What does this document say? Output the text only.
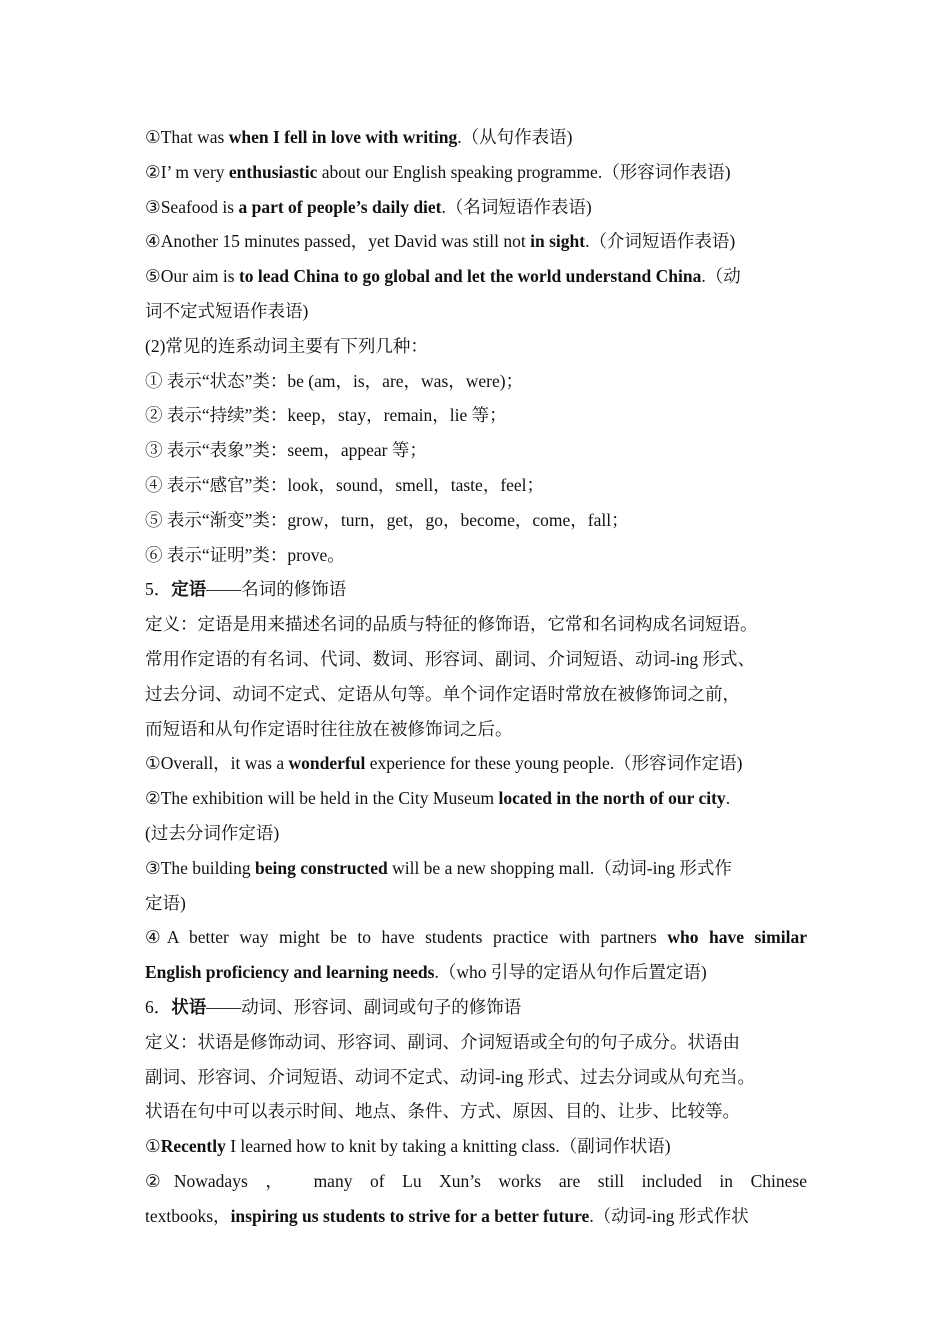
①That was when I fell in love with writing.（从句作表语)
②I’ m very enthusiastic about our English speaking programme.（形容词作表语)
③Seafood is a part of people’s daily diet.（名词短语作表语)
④Another 15 minutes passed，yet David was still not in sight.（介词短语作表语)
⑤Our aim is to lead China to go global and let the world understand China.（动
词不定式短语作表语)
(2)常见的连系动词主要有下列几种：
① 表示“状态”类：be (am，is，are，was，were)；
② 表示“持续”类：keep，stay，remain，lie 等；
③ 表示“表象”类：seem，appear 等；
④ 表示“感官”类：look，sound，smell，taste，feel；
⑤ 表示“渐变”类：grow，turn，get，go，become，come，fall；
⑥ 表示“证明”类：prove。
5．定语——名词的修饰语
定义：定语是用来描述名词的品质与特征的修饰语，它常和名词构成名词短语。
常用作定语的有名词、代词、数词、形容词、副词、介词短语、动词-ing 形式、
过去分词、动词不定式、定语从句等。单个词作定语时常放在被修饰词之前，
而短语和从句作定语时往往放在被修饰词之后。
①Overall，it was a wonderful experience for these young people.（形容词作定语)
②The exhibition will be held in the City Museum located in the north of our city.
(过去分词作定语)
③The building being constructed will be a new shopping mall.（动词-ing 形式作
定语)
④A better way might be to have students practice with partners who have similar
English proficiency and learning needs.（who 引导的定语从句作后置定语)
6．状语——动词、形容词、副词或句子的修饰语
定义：状语是修饰动词、形容词、副词、介词短语或全句的句子成分。状语由
副词、形容词、介词短语、动词不定式、动词-ing 形式、过去分词或从句充当。
状语在句中可以表示时间、地点、条件、方式、原因、目的、让步、比较等。
①Recently I learned how to knit by taking a knitting class.（副词作状语)
②Nowadays ， many of Lu Xun’s works are still included in Chinese
textbooks，inspiring us students to strive for a better future.（动词-ing 形式作状
